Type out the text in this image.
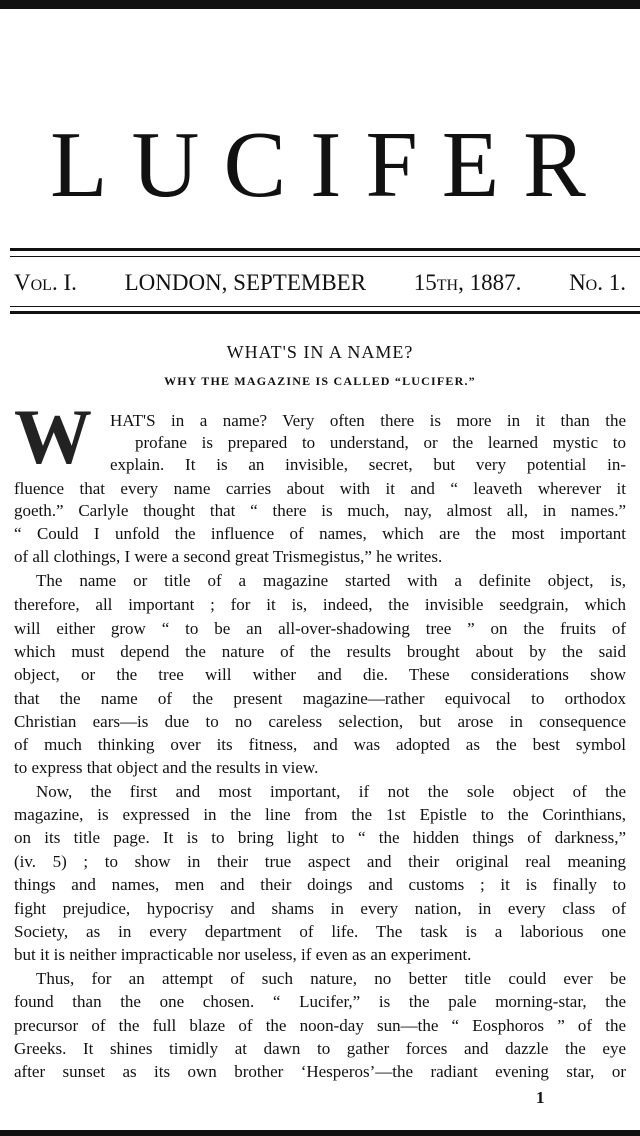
LUCIFER
Vol. I. LONDON, SEPTEMBER 15th, 1887. No. 1.
WHAT'S IN A NAME?
WHY THE MAGAZINE IS CALLED “LUCIFER.”
W HAT'S in a name? Very often there is more in it than the
profane is prepared to understand, or the learned mystic to
explain. It is an invisible, secret, but very potential in-
fluence that every name carries about with it and “ leaveth wherever it
goeth.” Carlyle thought that “ there is much, nay, almost all, in names.”
“ Could I unfold the influence of names, which are the most important
of all clothings, I were a second great Trismegistus,” he writes.
The name or title of a magazine started with a definite object, is,
therefore, all important ; for it is, indeed, the invisible seedgrain, which
will either grow “ to be an all-over-shadowing tree ” on the fruits of
which must depend the nature of the results brought about by the said
object, or the tree will wither and die. These considerations show
that the name of the present magazine—rather equivocal to orthodox
Christian ears—is due to no careless selection, but arose in consequence
of much thinking over its fitness, and was adopted as the best symbol
to express that object and the results in view.
Now, the first and most important, if not the sole object of the
magazine, is expressed in the line from the 1st Epistle to the Corinthians,
on its title page. It is to bring light to “ the hidden things of darkness,”
(iv. 5) ; to show in their true aspect and their original real meaning
things and names, men and their doings and customs ; it is finally to
fight prejudice, hypocrisy and shams in every nation, in every class of
Society, as in every department of life. The task is a laborious one
but it is neither impracticable nor useless, if even as an experiment.
Thus, for an attempt of such nature, no better title could ever be
found than the one chosen. “ Lucifer,” is the pale morning-star, the
precursor of the full blaze of the noon-day sun—the “ Eosphoros ” of the
Greeks. It shines timidly at dawn to gather forces and dazzle the eye
after sunset as its own brother ‘Hesperos’—the radiant evening star, or
1
